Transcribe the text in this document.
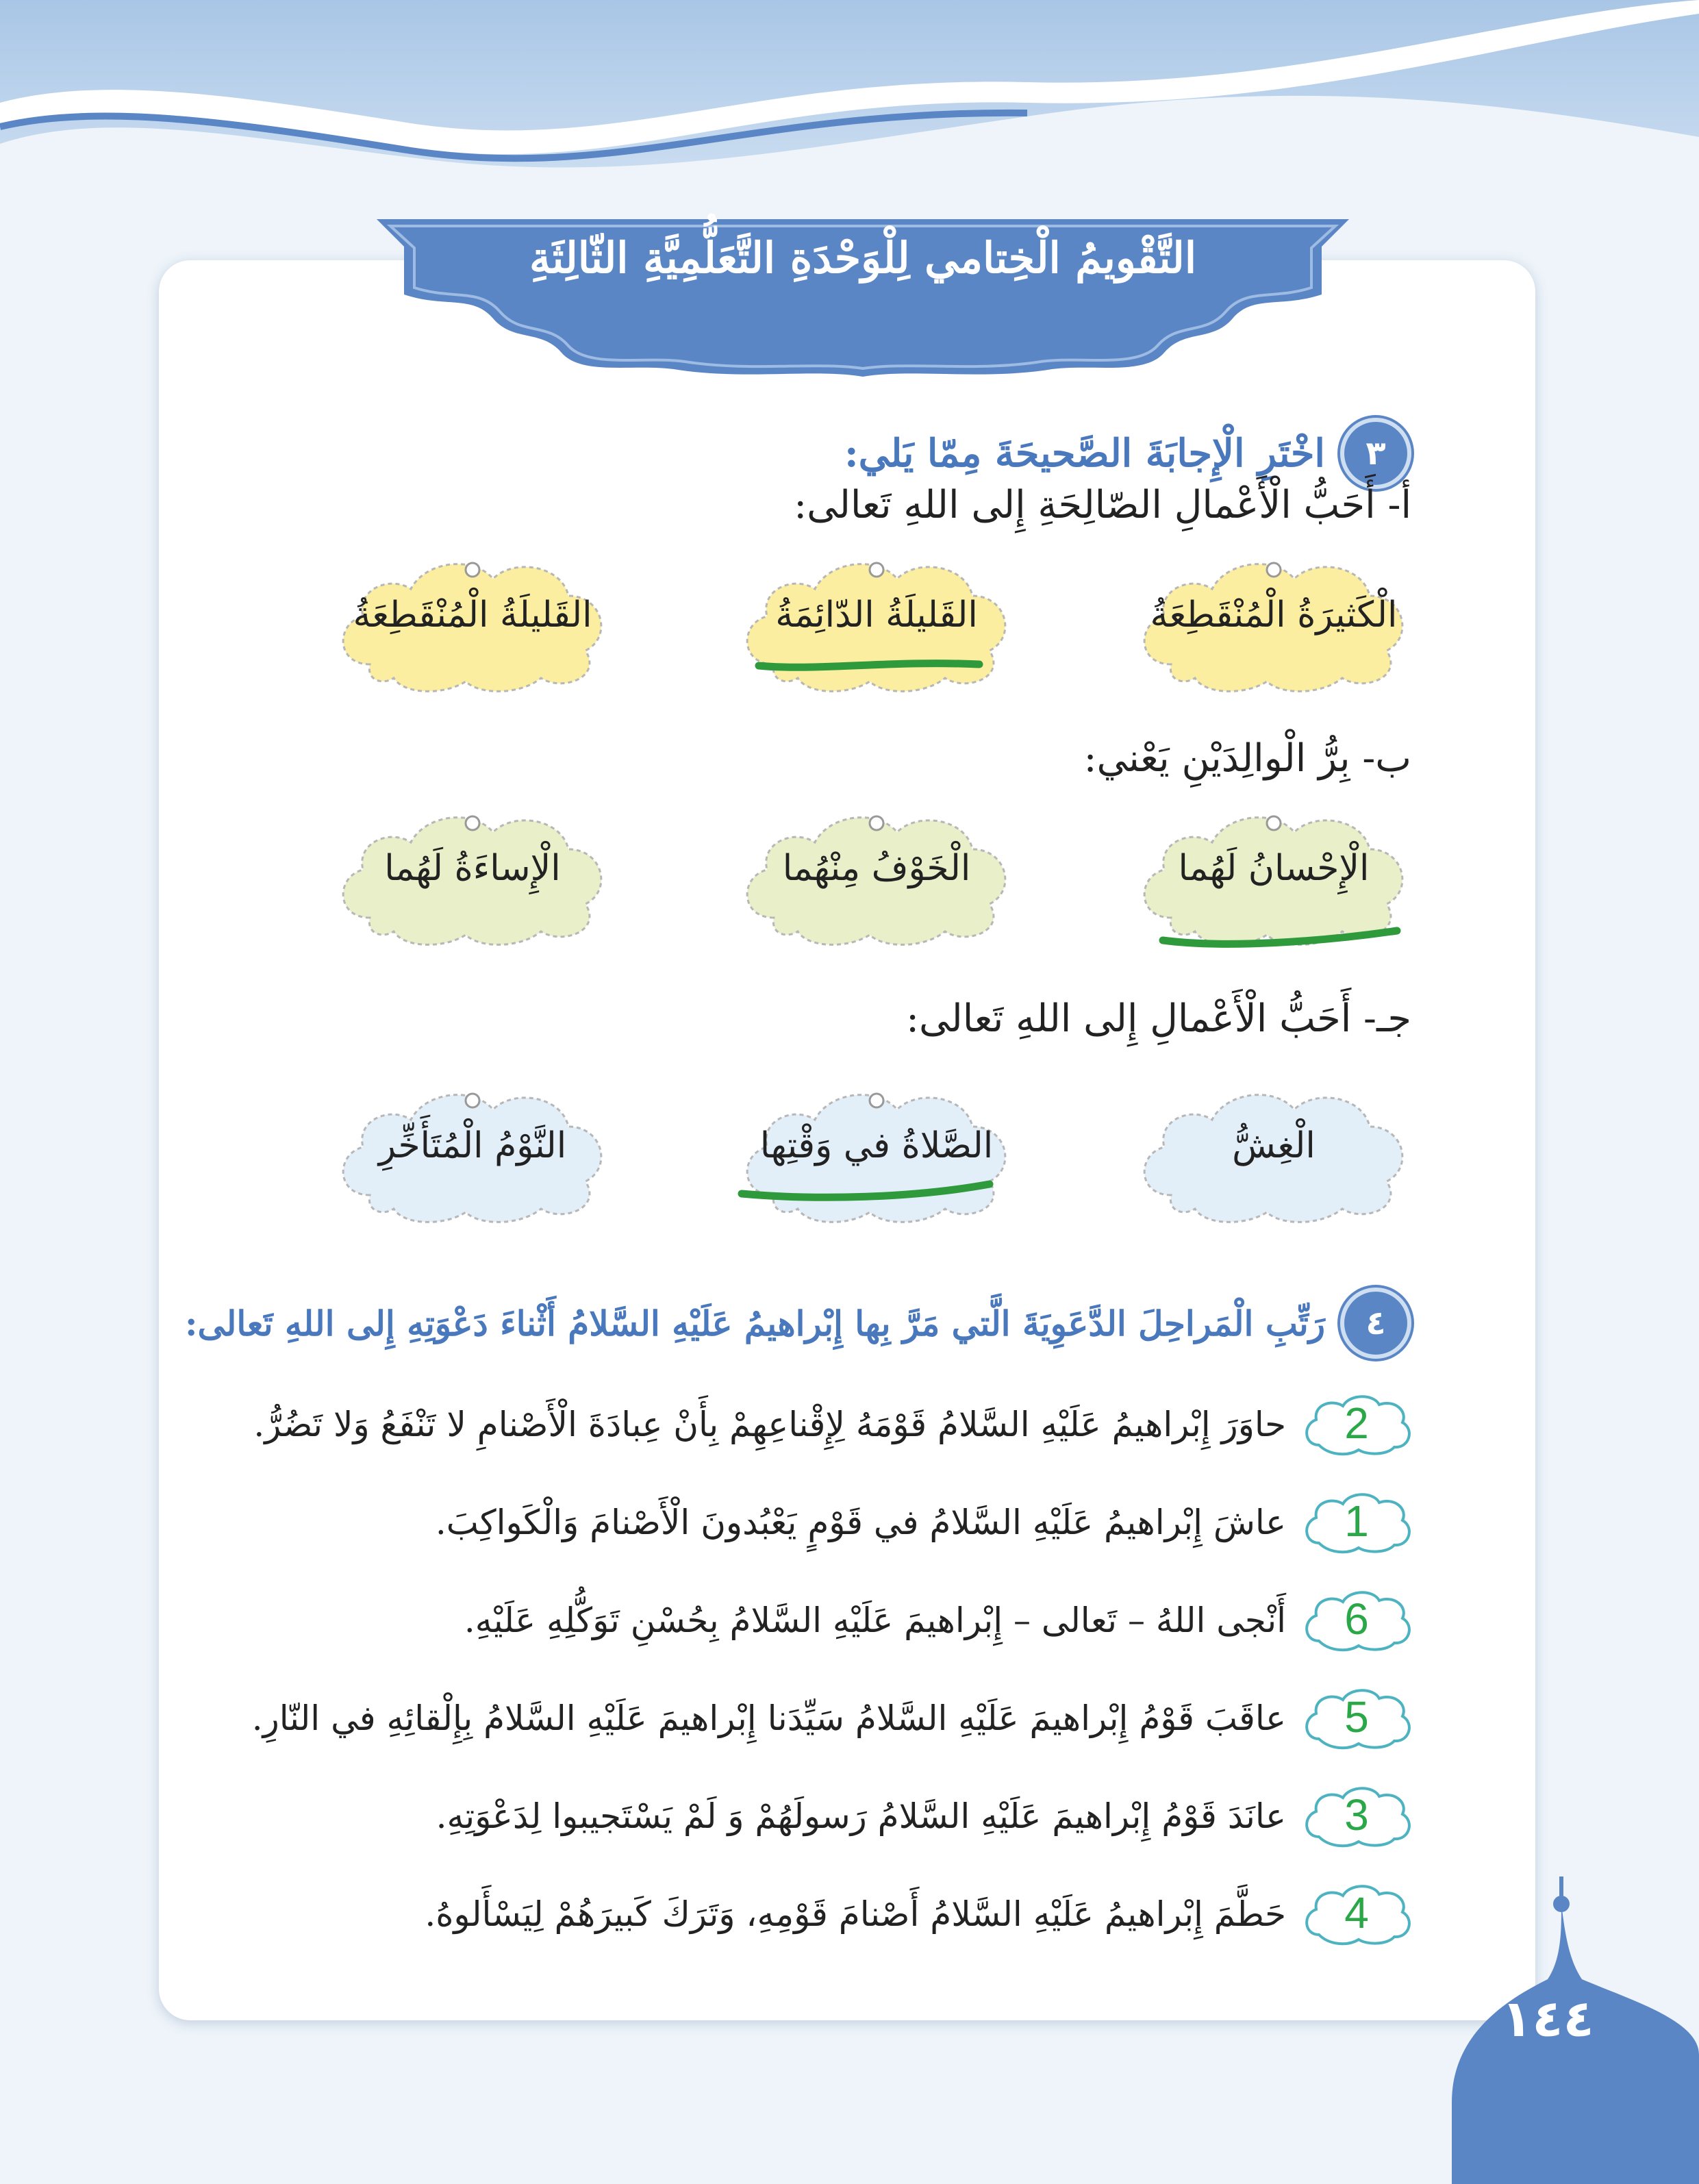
التَّقْويمُ الْخِتامي لِلْوَحْدَةِ التَّعَلُّمِيَّةِ الثّالِثَةِ
٣
اخْتَرِ الْإِجابَةَ الصَّحيحَةَ مِمّا يَلي:
أ- أَحَبُّ الْأَعْمالِ الصّالِحَةِ إِلى اللهِ تَعالى:
الْكَثيرَةُ الْمُنْقَطِعَةُ
القَليلَةُ الدّائِمَةُ
القَليلَةُ الْمُنْقَطِعَةُ
ب- بِرُّ الْوالِدَيْنِ يَعْني:
الْإِحْسانُ لَهُما
الْخَوْفُ مِنْهُما
الْإِساءَةُ لَهُما
جـ- أَحَبُّ الْأَعْمالِ إِلى اللهِ تَعالى:
الْغِشُّ
الصَّلاةُ في وَقْتِها
النَّوْمُ الْمُتَأَخِّرِ
٤
رَتِّبِ الْمَراحِلَ الدَّعَوِيَةَ الَّتي مَرَّ بِها إِبْراهيمُ عَلَيْهِ السَّلامُ أَثْناءَ دَعْوَتِهِ إِلى اللهِ تَعالى:
2
حاوَرَ إِبْراهيمُ عَلَيْهِ السَّلامُ قَوْمَهُ لِإِقْناعِهِمْ بِأَنْ عِبادَةَ الْأَصْنامِ لا تَنْفَعُ وَلا تَضُرُّ.
1
عاشَ إِبْراهيمُ عَلَيْهِ السَّلامُ في قَوْمٍ يَعْبُدونَ الْأَصْنامَ وَالْكَواكِبَ.
6
أَنْجى اللهُ – تَعالى – إِبْراهيمَ عَلَيْهِ السَّلامُ بِحُسْنِ تَوَكُّلِهِ عَلَيْهِ.
5
عاقَبَ قَوْمُ إِبْراهيمَ عَلَيْهِ السَّلامُ سَيِّدَنا إِبْراهيمَ عَلَيْهِ السَّلامُ بِإِلْقائِهِ في النّارِ.
3
عانَدَ قَوْمُ إِبْراهيمَ عَلَيْهِ السَّلامُ رَسولَهُمْ وَ لَمْ يَسْتَجيبوا لِدَعْوَتِهِ.
4
حَطَّمَ إِبْراهيمُ عَلَيْهِ السَّلامُ أَصْنامَ قَوْمِهِ، وَتَرَكَ كَبيرَهُمْ لِيَسْأَلوهُ.
١٤٤
